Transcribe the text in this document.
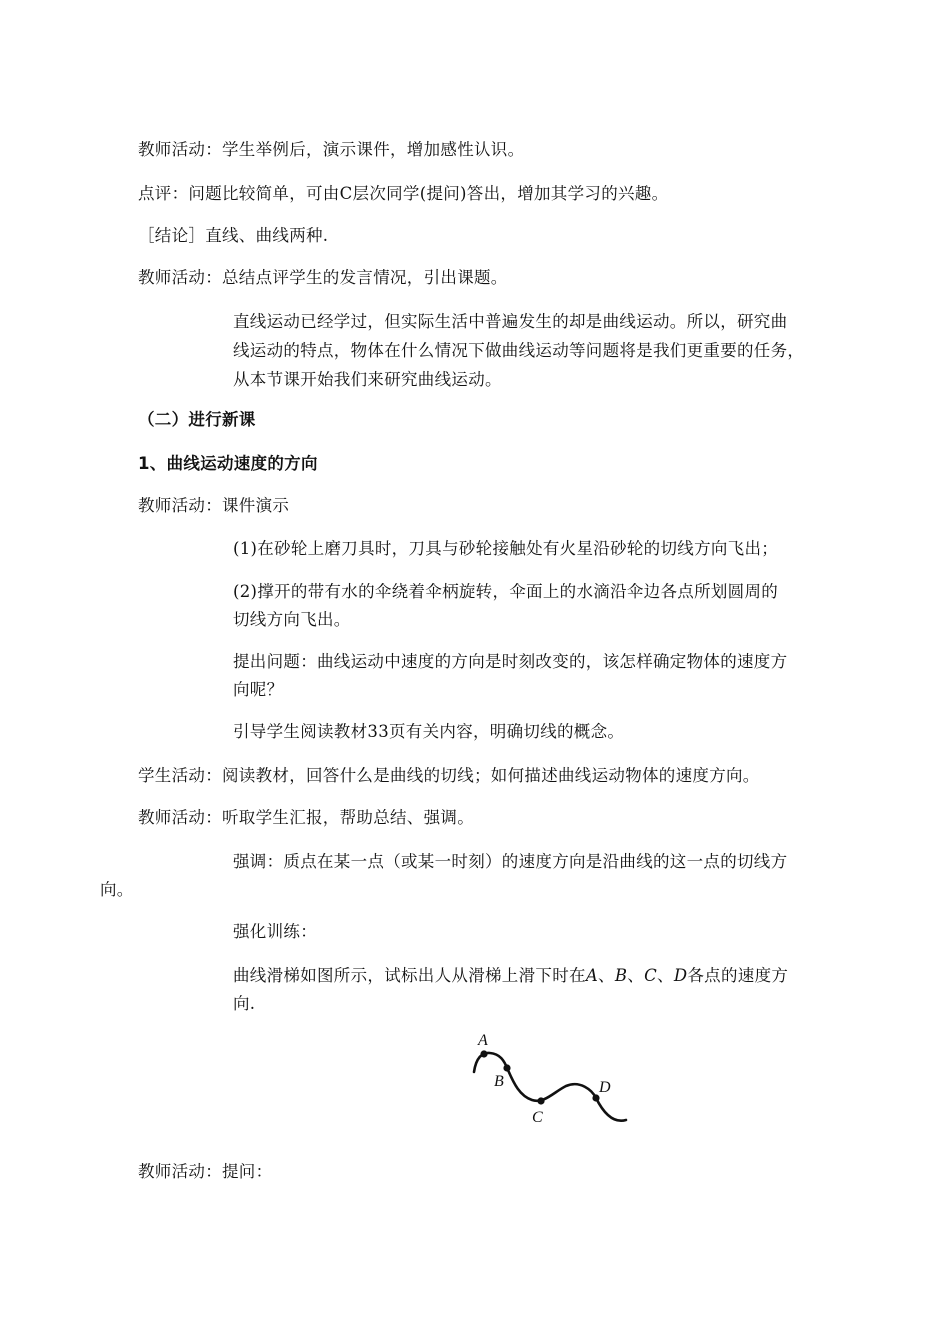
教师活动：学生举例后，演示课件，增加感性认识。
点评：问题比较简单，可由C层次同学(提问)答出，增加其学习的兴趣。
［结论］直线、曲线两种.
教师活动：总结点评学生的发言情况，引出课题。
直线运动已经学过，但实际生活中普遍发生的却是曲线运动。所以，研究曲
线运动的特点，物体在什么情况下做曲线运动等问题将是我们更重要的任务，
从本节课开始我们来研究曲线运动。
（二）进行新课
1、曲线运动速度的方向
教师活动：课件演示
(1)在砂轮上磨刀具时，刀具与砂轮接触处有火星沿砂轮的切线方向飞出；
(2)撑开的带有水的伞绕着伞柄旋转，伞面上的水滴沿伞边各点所划圆周的
切线方向飞出。
提出问题：曲线运动中速度的方向是时刻改变的，该怎样确定物体的速度方
向呢？
引导学生阅读教材33页有关内容，明确切线的概念。
学生活动：阅读教材，回答什么是曲线的切线；如何描述曲线运动物体的速度方向。
教师活动：听取学生汇报，帮助总结、强调。
强调：质点在某一点（或某一时刻）的速度方向是沿曲线的这一点的切线方
向。
强化训练：
曲线滑梯如图所示，试标出人从滑梯上滑下时在A、B、C、D各点的速度方
向.
A
B
C
D
教师活动：提问：
